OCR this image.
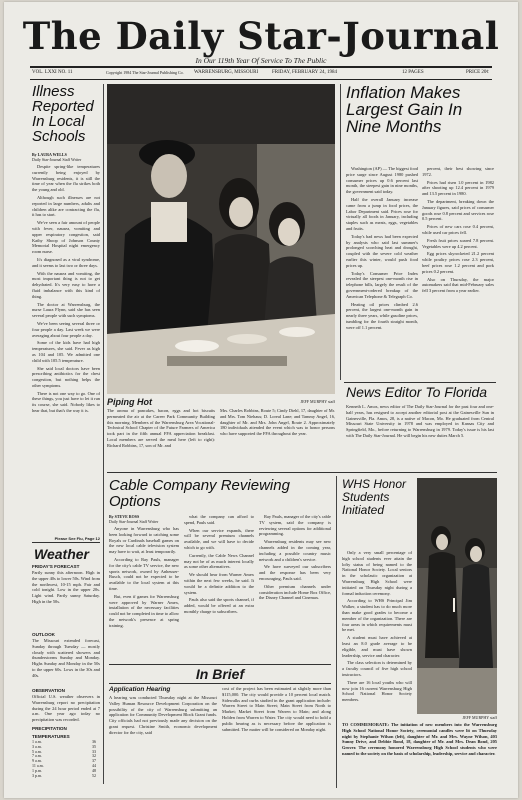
The Daily Star-Journal
In Our 119th Year Of Service To The Public
VOL. LXXI NO. 11	Copyright 1984 The Star-Journal Publishing Co. WARRENSBURG, MISSOURI	FRIDAY, FEBRUARY 24, 1984	12 PAGES	PRICE 20¢
Illness Reported In Local Schools
By LAURA WELLS
Daily Star-Journal Staff Writer

Despite spring-like temperatures currently being enjoyed by Warrensburg residents, it is still the time of year when the flu strikes both the young and old.

Although such illnesses are not reported in large numbers, adults and children alike are contracting the flu, it has to start.

We've seen a fair amount of people with fever, nausea, vomiting and upper respiratory congestion, said Kathy Shoop of Johnson County Memorial Hospital night emergency room nurse.

It's diagnosed as a viral syndrome, and it seems to last two or three days.

With the nausea and vomiting, the most important thing is not to get dehydrated. It's very easy to have a fluid imbalance with this kind of thing.

The doctor at Warrensburg, the nurse Laura Flynn, said she has seen several people with such symptoms.

We've been seeing several three or four people a day. Last week we were averaging about four people a day.

Some of the kids have had high temperatures, she said. Fever as high as 104 and 105. We admitted one child with 105.5 temperature.

She said local doctors have been prescribing antibiotics for the chest congestion, but nothing helps the other symptoms.

There is not one way to go. One of these things, you just have to let it run its course, she said. Nobody likes to hear that, but that's the way it is.

Please See Flu, Page 12
Weather
FRIDAY'S FORECAST
Partly sunny this afternoon. High in the upper 40s to lower 50s. Wind from the northwest, 10-15 mph. Fair and cold tonight. Low in the upper 20s. Light wind. Partly sunny Saturday. High in the 50s.
OUTLOOK
The Missouri extended forecast, Sunday through Tuesday — mostly cloudy with scattered showers and thunderstorms Sunday and Monday. Highs Sunday and Monday in the 50s to the upper 60s. Lows in the 30s and 40s.
OBSERVATION
Official U.S. weather observers in Warrensburg report no precipitation during the 24 hour period ended at 7 a.m. One year ago today no precipitation was recorded.
PRECIPITATION
TEMPERATURES
1 a.m.	36
3 a.m.	35
5 a.m.	33
7 a.m.	32
9 a.m.	37
11 a.m.	44
1 p.m.	48
3 p.m.	52
Piping Hot	JEFF MURPHY staff
The aroma of pancakes, bacon, eggs and hot biscuits permeated the air at the Career Park Community Building this morning. Members of the Warrensburg Area Vocational-Technical School Chapter of the Future Farmers of America took part in the fifth annual FFA appreciation breakfast. Local members are served the meal here (left to right): Richard Robbins, 17, son of Mr. and
Mrs. Charles Robbins, Route 5; Cindy Diehl, 17, daughter of Mr. and Mrs. Tom Niehaus; D. Loreal Lane; and Tammy Angel, 16, daughter of Mr. and Mrs. John Angel, Route 2. Approximately 180 individuals attended the event which was to honor persons who have supported the FFA throughout the year.
Inflation Makes Largest Gain In Nine Months

Washington (AP) — The biggest food price surge since August 1980 pushed consumer prices up 0.6 percent last month, the steepest gain in nine months, the government said today.

Half the overall January increase came from a jump in food prices, the Labor Department said. Prices rose for virtually all foods in January, including staples such as meats, eggs, vegetables and fruits.

Today's bad news had been expected by analysts who said last summer's prolonged scorching heat and drought, coupled with the severe cold weather earlier this winter, would push food prices up.

Today's Consumer Price Index revealed the steepest one-month rise in telephone bills, largely the result of the government-ordered breakup of the American Telephone & Telegraph Co.

Heating oil prices climbed 2.6 percent, the largest one-month gain in nearly three years, while gasoline prices, tumbling for the fourth straight month, were off 1.1 percent.

percent, their best showing since 1972.

Prices had risen 1.0 percent in 1982 after shooting up 12.4 percent in 1979 and 13.5 percent in 1980.

The department, breaking down the January figures, said prices of consumer goods rose 0.8 percent and services rose 0.5 percent.

Prices of new cars rose 0.4 percent, while used car prices fell.

Fresh fruit prices soared 7.8 percent. Vegetables were up 4.2 percent.

Egg prices skyrocketed 21.2 percent while poultry prices rose 2.3 percent, beef prices rose 1.2 percent and pork prices 0.2 percent.

Also on Thursday, the major automakers said that mid-February sales fell 3 percent from a year earlier.

News Editor To Florida
Kenneth L. Amos, news editor of The Daily Star-Journal for the past four and one-half years, has resigned to accept another editorial post at the Gainesville Sun in Gainesville, Fla. Amos, 28, is a native of Macon, Mo. He graduated from Central Missouri State University in 1978 and was employed in Kansas City and Springfield, Mo., before returning to Warrensburg in 1979. Today's issue is his last with The Daily Star-Journal. He will begin his new duties March 5.
Cable Company Reviewing Options
By STEVE ROSS
Daily Star-Journal Staff Writer

Anyone in Warrensburg who has been looking forward to catching some Royals or Cardinals baseball games on the new local cable television system may have to wait, at least temporarily.

According to Ray Pauls, manager for the city's cable TV service, the new sports network, owned by Anheuser-Busch, could not be expected to be available to the local system at this time.

But, even if games for Warrensburg were approved by Warner Amex, installation of the necessary facilities could not be completed in time to allow the network's presence at spring training.

what the company can afford to spend, Pauls said.

When our service expands, there will be several premium channels available, and we will have to decide which to go with.

Currently, the Cable News Channel may not be of as much interest locally as some other alternatives.

We should hear from Warner Amex within the next few weeks, he said. It would be a definite addition to the system.

Pauls also said the sports channel, if added, would be offered at an extra monthly charge to subscribers.

Ray Pauls, manager of the city's cable TV system, said the company is reviewing several options for additional programming.

Warrensburg residents may see new channels added in the coming year, including a possible country music network and a children's service.

We have surveyed our subscribers and the response has been very encouraging, Pauls said.

Other premium channels under consideration include Home Box Office, the Disney Channel and Cinemax.

In Brief
Application Hearing
A hearing was conducted Thursday night at the Missouri Valley Human Resource Development Corporation on the possibility of the city of Warrensburg submitting an application for Community Development Block Grant funds. City officials had not previously made any decision on the grant request. Christine Smith, economic development director for the city, said
cost of the project has been estimated at slightly more than $115,000. The city would provide a 10 percent local match. Sidewalks and curbs studied in the grant application include: Warren Street to Main Street; Main Street from North to Market; Market Street from Warren to Main; and along Holden from Warren to Water. The city would need to hold a public hearing as is necessary before the application is submitted. The matter will be considered on Monday night.
WHS Honor Students Initiated

Only a very small percentage of high school students ever attain the lofty status of being named to the National Honor Society. Local seniors in the scholastic organization at Warrensburg High School were initiated on Thursday night during a formal induction ceremony.

According to WHS Principal Jim Walker, a student has to do much more than make good grades to become a member of the organization. There are four areas in which requirements must be met.

A student must have achieved at least an 8.0 grade average to be eligible, and must have shown leadership, service and character.

The class selection is determined by a faculty council of five high school instructors.

There are 16 local youths who will now join 16 current Warrensburg High School National Honor Society members.

JEFF MURPHY staff
TO COMMEMORATE: The initiation of new members into the Warrensburg High School National Honor Society, ceremonial candles were lit on Thursday night by Stephanie Wilson (left), daughter of Mr. and Mrs. Wayne Wilson, 403 Sunny Drive, and Debbie Bond, 18, daughter of Mr. and Mrs. Dean Bond, 205 Grover. The ceremony honored Warrensburg High School students who were named to the society on the basis of scholarship, leadership, service and character.
